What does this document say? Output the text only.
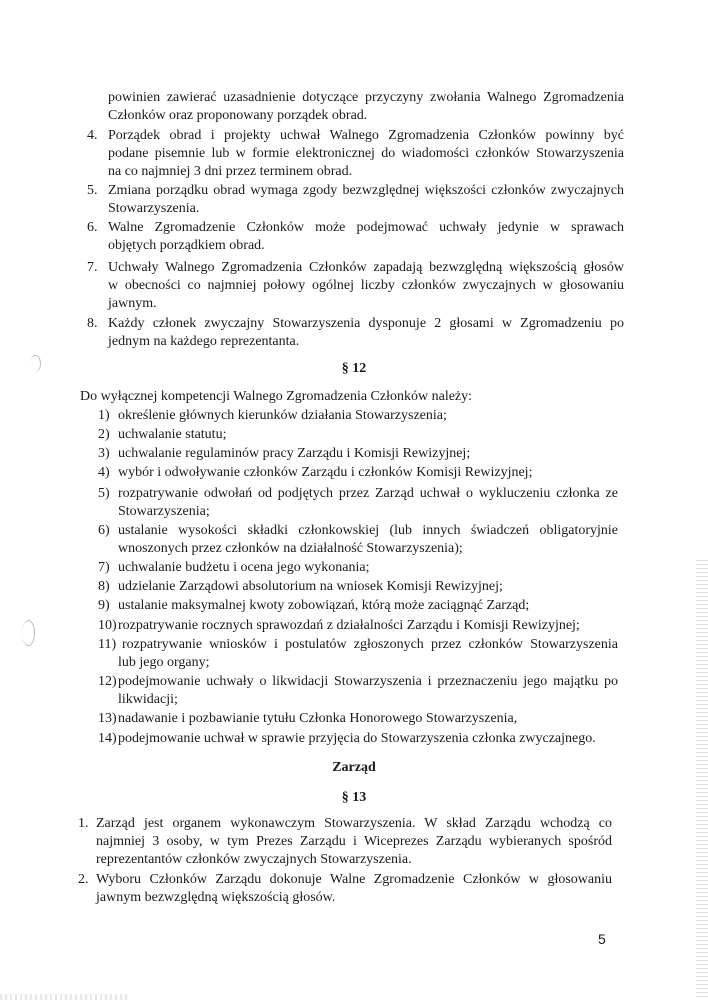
powinien zawierać uzasadnienie dotyczące przyczyny zwołania Walnego Zgromadzenia
Członków oraz proponowany porządek obrad.
4. Porządek obrad i projekty uchwał Walnego Zgromadzenia Członków powinny być
podane pisemnie lub w formie elektronicznej do wiadomości członków Stowarzyszenia
na co najmniej 3 dni przez terminem obrad.
5. Zmiana porządku obrad wymaga zgody bezwzględnej większości członków zwyczajnych
Stowarzyszenia.
6. Walne Zgromadzenie Członków może podejmować uchwały jedynie w sprawach
objętych porządkiem obrad.
7. Uchwały Walnego Zgromadzenia Członków zapadają bezwzględną większością głosów
w obecności co najmniej połowy ogólnej liczby członków zwyczajnych w głosowaniu
jawnym.
8. Każdy członek zwyczajny Stowarzyszenia dysponuje 2 głosami w Zgromadzeniu po
jednym na każdego reprezentanta.
§ 12
Do wyłącznej kompetencji Walnego Zgromadzenia Członków należy:
1) określenie głównych kierunków działania Stowarzyszenia;
2) uchwalanie statutu;
3) uchwalanie regulaminów pracy Zarządu i Komisji Rewizyjnej;
4) wybór i odwoływanie członków Zarządu i członków Komisji Rewizyjnej;
5) rozpatrywanie odwołań od podjętych przez Zarząd uchwał o wykluczeniu członka ze
Stowarzyszenia;
6) ustalanie wysokości składki członkowskiej (lub innych świadczeń obligatoryjnie
wnoszonych przez członków na działalność Stowarzyszenia);
7) uchwalanie budżetu i ocena jego wykonania;
8) udzielanie Zarządowi absolutorium na wniosek Komisji Rewizyjnej;
9) ustalanie maksymalnej kwoty zobowiązań, którą może zaciągnąć Zarząd;
10) rozpatrywanie rocznych sprawozdań z działalności Zarządu i Komisji Rewizyjnej;
11) rozpatrywanie wniosków i postulatów zgłoszonych przez członków Stowarzyszenia
lub jego organy;
12) podejmowanie uchwały o likwidacji Stowarzyszenia i przeznaczeniu jego majątku po
likwidacji;
13) nadawanie i pozbawianie tytułu Członka Honorowego Stowarzyszenia,
14) podejmowanie uchwał w sprawie przyjęcia do Stowarzyszenia członka zwyczajnego.
Zarząd
§ 13
1. Zarząd jest organem wykonawczym Stowarzyszenia. W skład Zarządu wchodzą co
najmniej 3 osoby, w tym Prezes Zarządu i Wiceprezes Zarządu wybieranych spośród
reprezentantów członków zwyczajnych Stowarzyszenia.
2. Wyboru Członków Zarządu dokonuje Walne Zgromadzenie Członków w głosowaniu
jawnym bezwzględną większością głosów.
5
